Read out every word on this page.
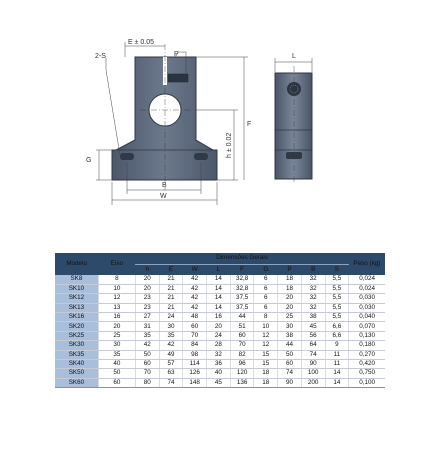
E ± 0.05
2-S	P
h ± 0.02
F
G
B
W
L
Modelo	Eixo	Dimensões Gerais									Peso (kg)
		h	E	W	L	F	G	P	B	S	
SK8	8	20	21	42	14	32,8	6	18	32	5,5	0,024
SK10	10	20	21	42	14	32,8	6	18	32	5,5	0,024
SK12	12	23	21	42	14	37,5	6	20	32	5,5	0,030
SK13	13	23	21	42	14	37,5	6	20	32	5,5	0,030
SK16	16	27	24	48	16	44	8	25	38	5,5	0,040
SK20	20	31	30	60	20	51	10	30	45	6,6	0,070
SK25	25	35	35	70	24	60	12	38	56	6,6	0,130
SK30	30	42	42	84	28	70	12	44	64	9	0,180
SK35	35	50	49	98	32	82	15	50	74	11	0,270
SK40	40	60	57	114	36	96	15	60	90	11	0,420
SK50	50	70	63	126	40	120	18	74	100	14	0,750
SK60	60	80	74	148	45	136	18	90	200	14	0,100
